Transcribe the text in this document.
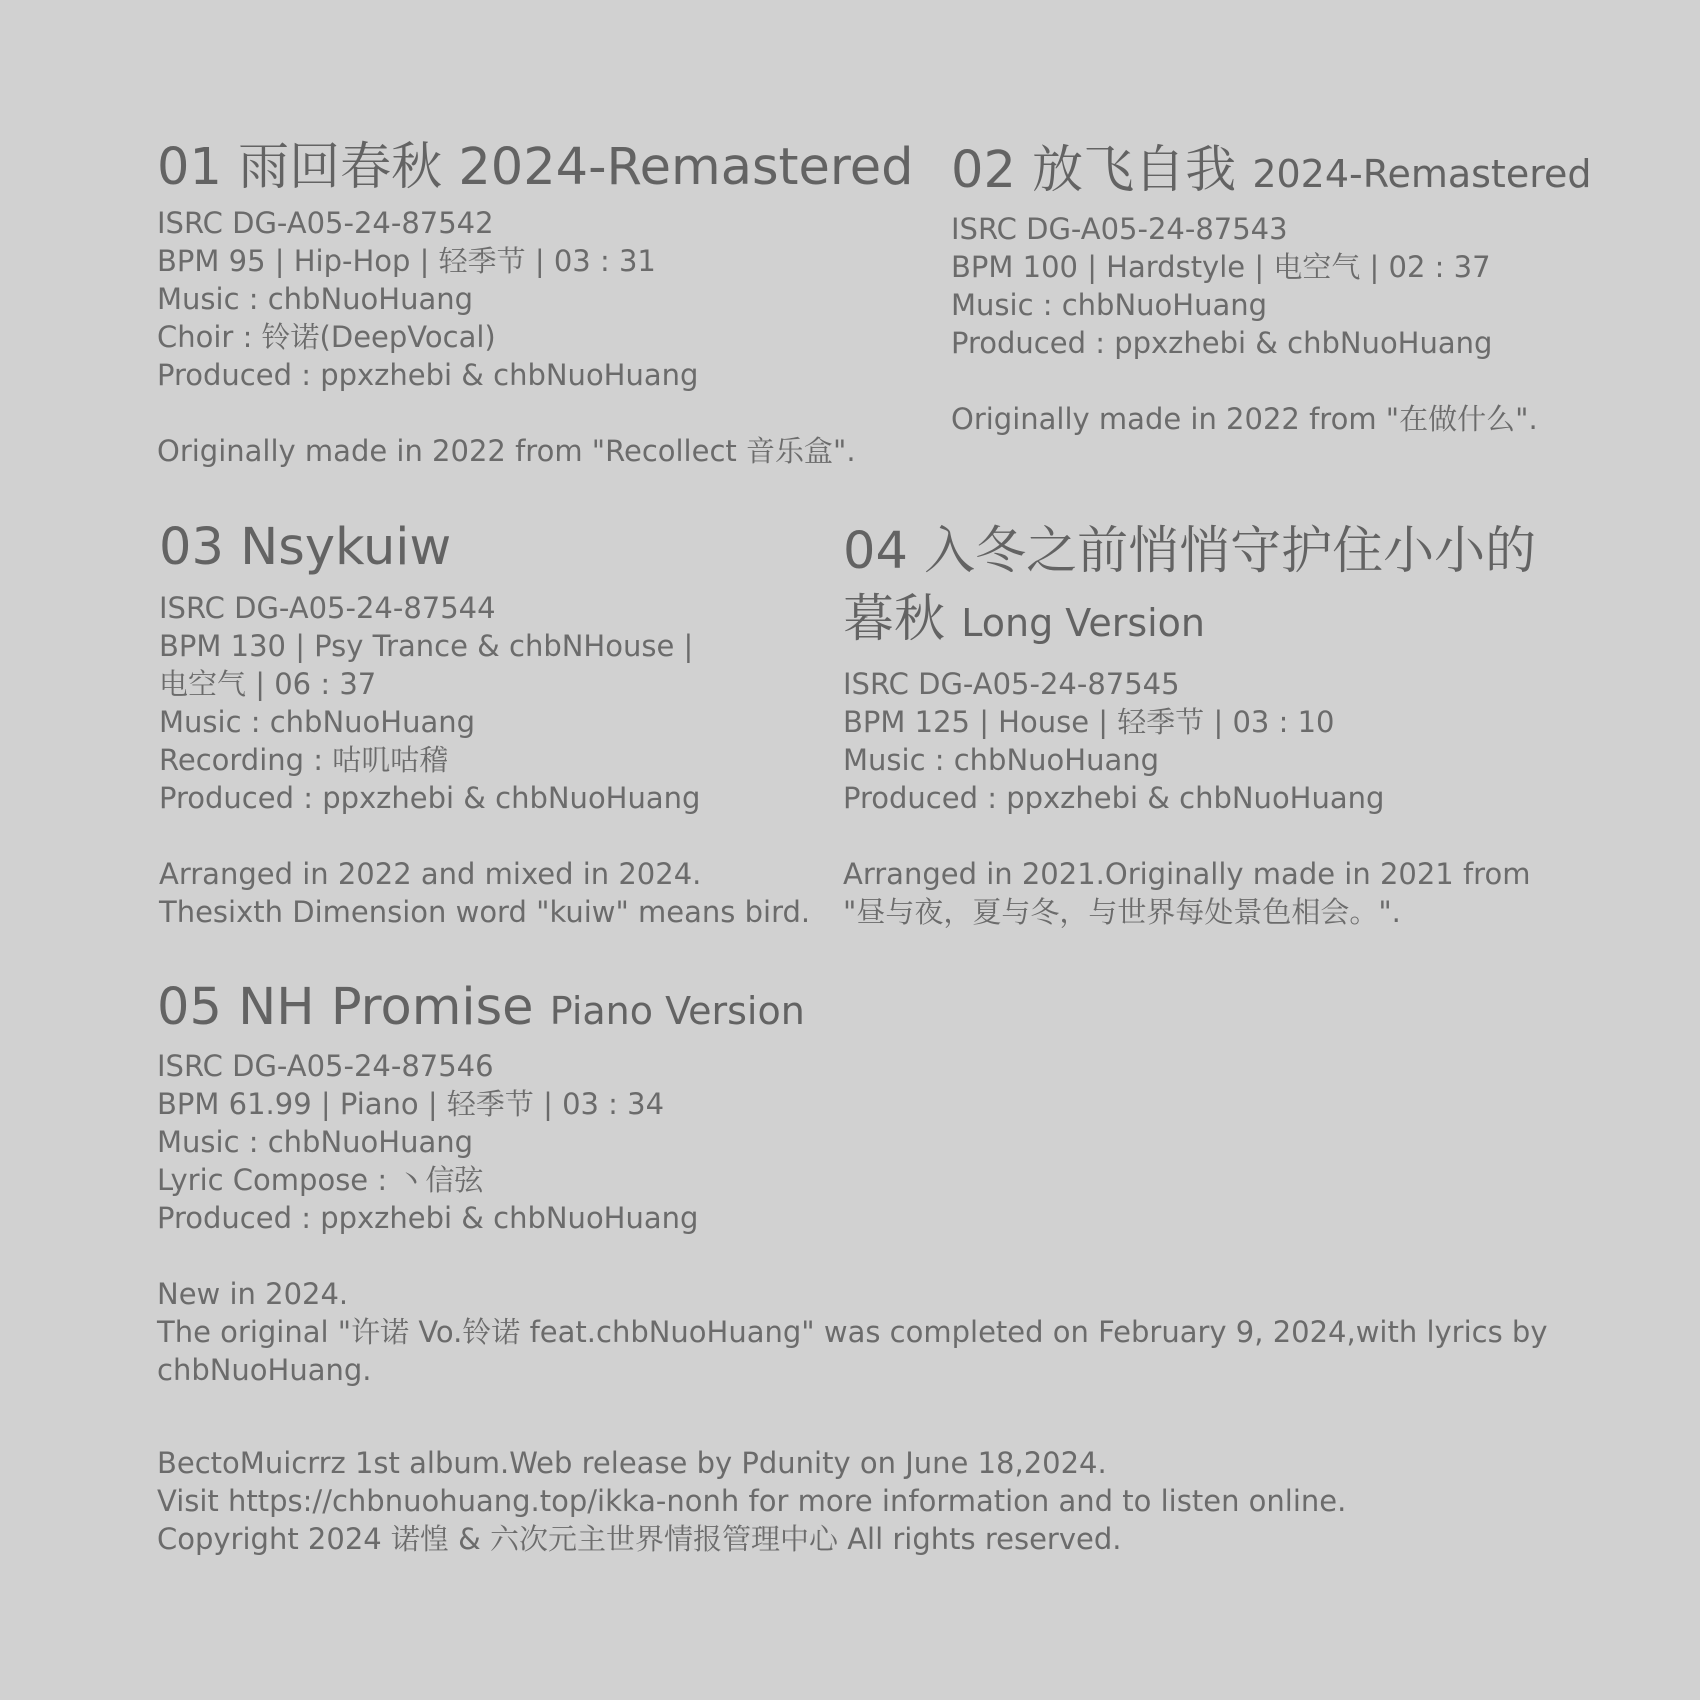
01 雨回春秋 2024-Remastered
ISRC DG-A05-24-87542
BPM 95 | Hip-Hop | 轻季节 | 03 : 31
Music : chbNuoHuang
Choir : 铃诺(DeepVocal)
Produced : ppxzhebi & chbNuoHuang
Originally made in 2022 from "Recollect 音乐盒".
02 放飞自我 2024-Remastered
ISRC DG-A05-24-87543
BPM 100 | Hardstyle | 电空气 | 02 : 37
Music : chbNuoHuang
Produced : ppxzhebi & chbNuoHuang
Originally made in 2022 from "在做什么".
03 Nsykuiw
ISRC DG-A05-24-87544
BPM 130 | Psy Trance & chbNHouse |
电空气 | 06 : 37
Music : chbNuoHuang
Recording : 咕叽咕稽
Produced : ppxzhebi & chbNuoHuang
Arranged in 2022 and mixed in 2024.
Thesixth Dimension word "kuiw" means bird.
04 入冬之前悄悄守护住小小的暮秋 Long Version
ISRC DG-A05-24-87545
BPM 125 | House | 轻季节 | 03 : 10
Music : chbNuoHuang
Produced : ppxzhebi & chbNuoHuang
Arranged in 2021.Originally made in 2021 from
"昼与夜，夏与冬，与世界每处景色相会。".
05 NH Promise Piano Version
ISRC DG-A05-24-87546
BPM 61.99 | Piano | 轻季节 | 03 : 34
Music : chbNuoHuang
Lyric Compose : 丶信弦
Produced : ppxzhebi & chbNuoHuang
New in 2024.
The original "许诺 Vo.铃诺 feat.chbNuoHuang" was completed on February 9, 2024,with lyrics by
chbNuoHuang.
BectoMuicrrz 1st album.Web release by Pdunity on June 18,2024.
Visit https://chbnuohuang.top/ikka-nonh for more information and to listen online.
Copyright 2024 诺惶 & 六次元主世界情报管理中心 All rights reserved.
